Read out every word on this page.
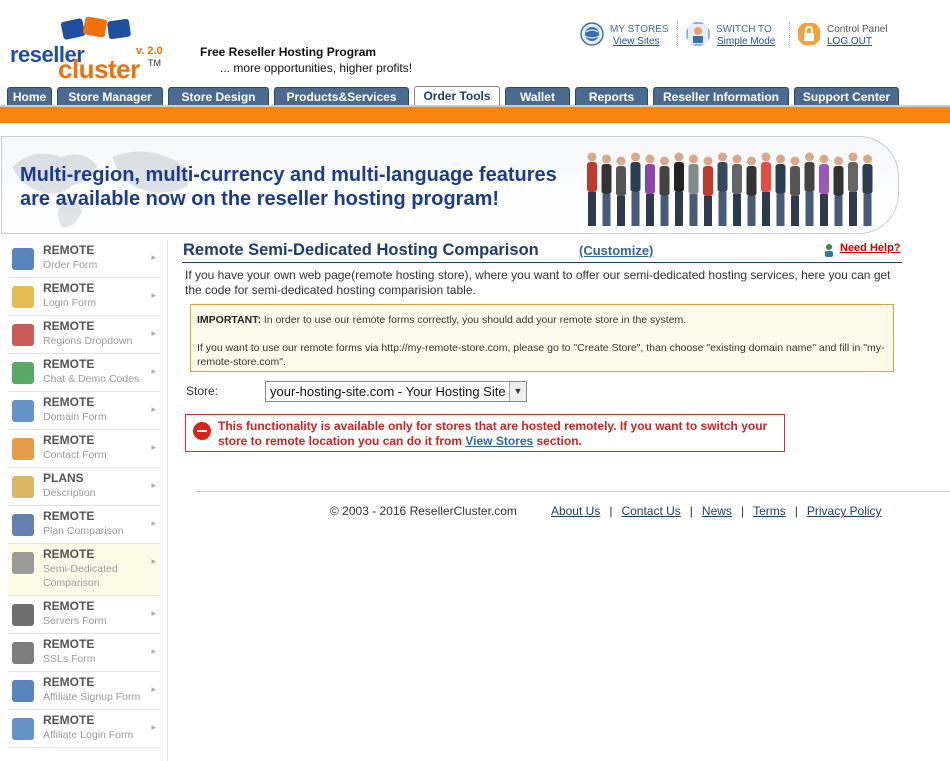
reseller	v. 2.0
cluster TM
Free Reseller Hosting Program
... more opportunities, higher profits!
MY STORES
View Sites
SWITCH TO
Simple Mode
Control Panel
LOG OUT
Home	Store Manager	Store Design	Products&Services	Order Tools	Wallet	Reports	Reseller Information	Support Center
Multi-region, multi-currency and multi-language features are available now on the reseller hosting program!
REMOTE
Order Form
▸
REMOTE
Login Form
▸
REMOTE
Regions Dropdown
▸
REMOTE
Chat & Demo Codes
▸
REMOTE
Domain Form
▸
REMOTE
Contact Form
▸
PLANS
Description
▸
REMOTE
Plan Comparison
▸
REMOTE
Semi-Dedicated Comparison
▸
REMOTE
Servers Form
▸
REMOTE
SSLs Form
▸
REMOTE
Affiliate Signup Form
▸
REMOTE
Affiliate Login Form
▸
Remote Semi-Dedicated Hosting Comparison	(Customize)	Need Help?
If you have your own web page(remote hosting store), where you want to offer our semi-dedicated hosting services, here you can get the code for semi-dedicated hosting comparision table.
IMPORTANT: In order to use our remote forms correctly, you should add your remote store in the system.
If you want to use our remote forms via http://my-remote-store.com, please go to "Create Store", than choose "existing domain name" and fill in "my-remote-store.com".
Store:	your-hosting-site.com - Your Hosting Site ▼
This functionality is available only for stores that are hosted remotely. If you want to switch your store to remote location you can do it from View Stores section.
© 2003 - 2016 ResellerCluster.com	About Us | Contact Us | News | Terms | Privacy Policy
